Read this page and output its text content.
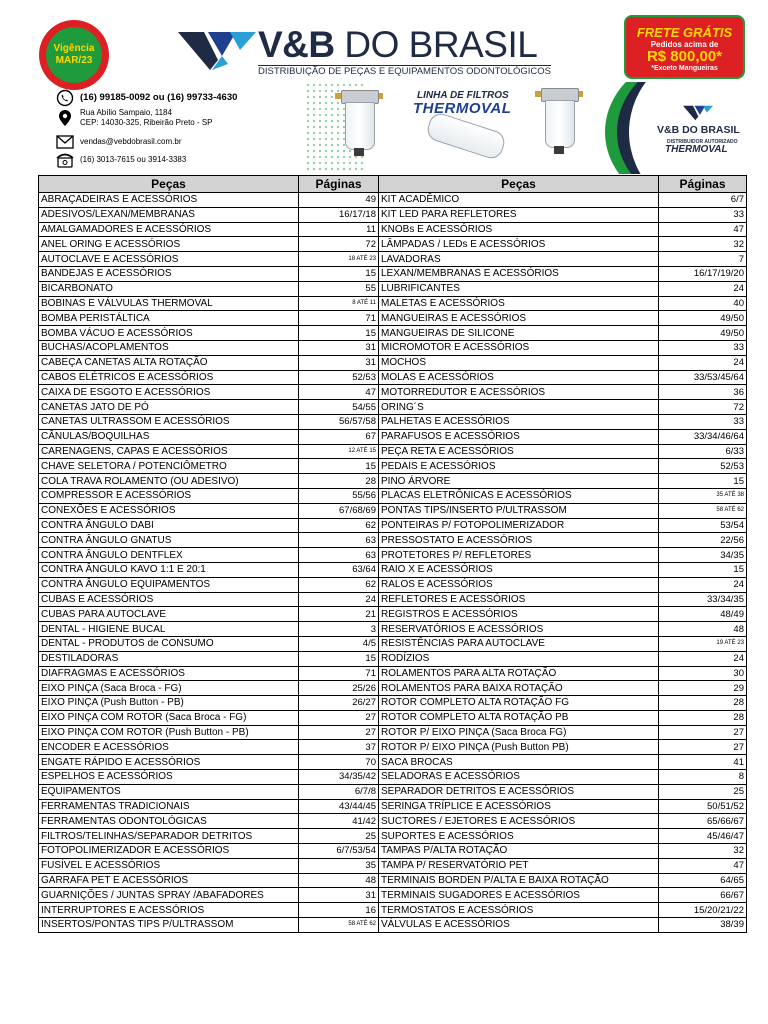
Vigência
MAR/23	V&B DO BRASIL
DISTRIBUIÇÃO DE PEÇAS E EQUIPAMENTOS ODONTOLÓGICOS
FRETE GRÁTIS
Pedidos acima de
R$ 800,00*
*Exceto Mangueiras
(16) 99185-0092 ou (16) 99733-4630
Rua Abílio Sampaio, 1184
CEP: 14030-325, Ribeirão Preto - SP
vendas@vebdobrasil.com.br
(16) 3013-7615 ou 3914-3383
LINHA DE FILTROS
THERMOVAL
V&B DO BRASIL
DISTRIBUIDOR AUTORIZADO
THERMOVAL
Peças	Páginas	Peças	Páginas
ABRAÇADEIRAS E ACESSÓRIOS	49	KIT ACADÊMICO	6/7
ADESIVOS/LEXAN/MEMBRANAS	16/17/18	KIT LED PARA REFLETORES	33
AMALGAMADORES E ACESSÓRIOS	11	KNOBs E ACESSÓRIOS	47
ANEL ORING E ACESSÓRIOS	72	LÂMPADAS / LEDs E ACESSÓRIOS	32
AUTOCLAVE E ACESSÓRIOS	18 ATÉ 23	LAVADORAS	7
BANDEJAS E ACESSÓRIOS	15	LEXAN/MEMBRANAS E ACESSÓRIOS	16/17/19/20
BICARBONATO	55	LUBRIFICANTES	24
BOBINAS E VÁLVULAS THERMOVAL	8 ATÉ 11	MALETAS E ACESSÓRIOS	40
BOMBA PERISTÁLTICA	71	MANGUEIRAS E ACESSÓRIOS	49/50
BOMBA VÁCUO E ACESSÓRIOS	15	MANGUEIRAS DE SILICONE	49/50
BUCHAS/ACOPLAMENTOS	31	MICROMOTOR E ACESSÓRIOS	33
CABEÇA CANETAS ALTA ROTAÇÃO	31	MOCHOS	24
CABOS ELÉTRICOS E ACESSÓRIOS	52/53	MOLAS E ACESSÓRIOS	33/53/45/64
CAIXA DE ESGOTO E ACESSÓRIOS	47	MOTORREDUTOR E ACESSÓRIOS	36
CANETAS JATO DE PÓ	54/55	ORING´S	72
CANETAS ULTRASSOM E ACESSÓRIOS	56/57/58	PALHETAS E ACESSÓRIOS	33
CÂNULAS/BOQUILHAS	67	PARAFUSOS E ACESSÓRIOS	33/34/46/64
CARENAGENS, CAPAS E ACESSÓRIOS	12 ATÉ 15	PEÇA RETA E ACESSÓRIOS	6/33
CHAVE SELETORA / POTENCIÔMETRO	15	PEDAIS E ACESSÓRIOS	52/53
COLA TRAVA ROLAMENTO (OU ADESIVO)	28	PINO ÁRVORE	15
COMPRESSOR E ACESSÓRIOS	55/56	PLACAS ELETRÔNICAS E ACESSÓRIOS	35 ATÉ 38
CONEXÕES E ACESSÓRIOS	67/68/69	PONTAS TIPS/INSERTO P/ULTRASSOM	58 ATÉ 62
CONTRA ÂNGULO DABI	62	PONTEIRAS P/ FOTOPOLIMERIZADOR	53/54
CONTRA ÂNGULO GNATUS	63	PRESSOSTATO E ACESSÓRIOS	22/56
CONTRA ÂNGULO DENTFLEX	63	PROTETORES P/ REFLETORES	34/35
CONTRA ÂNGULO KAVO 1:1 E 20:1	63/64	RAIO X E ACESSÓRIOS	15
CONTRA ÂNGULO EQUIPAMENTOS	62	RALOS E ACESSÓRIOS	24
CUBAS E ACESSÓRIOS	24	REFLETORES E ACESSÓRIOS	33/34/35
CUBAS PARA AUTOCLAVE	21	REGISTROS E ACESSÓRIOS	48/49
DENTAL - HIGIENE BUCAL	3	RESERVATÓRIOS E ACESSÓRIOS	48
DENTAL - PRODUTOS de CONSUMO	4/5	RESISTÊNCIAS PARA AUTOCLAVE	19 ATÉ 23
DESTILADORAS	15	RODÍZIOS	24
DIAFRAGMAS E ACESSÓRIOS	71	ROLAMENTOS PARA ALTA ROTAÇÃO	30
EIXO PINÇA (Saca Broca - FG)	25/26	ROLAMENTOS PARA BAIXA ROTAÇÃO	29
EIXO PINÇA (Push Button - PB)	26/27	ROTOR COMPLETO ALTA ROTAÇÃO FG	28
EIXO PINÇA COM ROTOR (Saca Broca - FG)	27	ROTOR COMPLETO ALTA ROTAÇÃO PB	28
EIXO PINÇA COM ROTOR (Push Button - PB)	27	ROTOR P/ EIXO PINÇA (Saca Broca FG)	27
ENCODER E ACESSÓRIOS	37	ROTOR P/ EIXO PINÇA (Push Button PB)	27
ENGATE RÁPIDO E ACESSÓRIOS	70	SACA BROCAS	41
ESPELHOS E ACESSÓRIOS	34/35/42	SELADORAS E ACESSÓRIOS	8
EQUIPAMENTOS	6/7/8	SEPARADOR DETRITOS E ACESSÓRIOS	25
FERRAMENTAS TRADICIONAIS	43/44/45	SERINGA TRÍPLICE E ACESSÓRIOS	50/51/52
FERRAMENTAS ODONTOLÓGICAS	41/42	SUCTORES / EJETORES E ACESSÓRIOS	65/66/67
FILTROS/TELINHAS/SEPARADOR DETRITOS	25	SUPORTES E ACESSÓRIOS	45/46/47
FOTOPOLIMERIZADOR E ACESSÓRIOS	6/7/53/54	TAMPAS P/ALTA ROTAÇÃO	32
FUSÍVEL E ACESSÓRIOS	35	TAMPA P/ RESERVATÓRIO PET	47
GARRAFA PET E ACESSÓRIOS	48	TERMINAIS BORDEN P/ALTA E BAIXA ROTAÇÃO	64/65
GUARNIÇÕES / JUNTAS SPRAY /ABAFADORES	31	TERMINAIS SUGADORES E ACESSÓRIOS	66/67
INTERRUPTORES E ACESSÓRIOS	16	TERMOSTATOS E ACESSÓRIOS	15/20/21/22
INSERTOS/PONTAS TIPS P/ULTRASSOM	58 ATÉ 62	VÁLVULAS E ACESSÓRIOS	38/39
